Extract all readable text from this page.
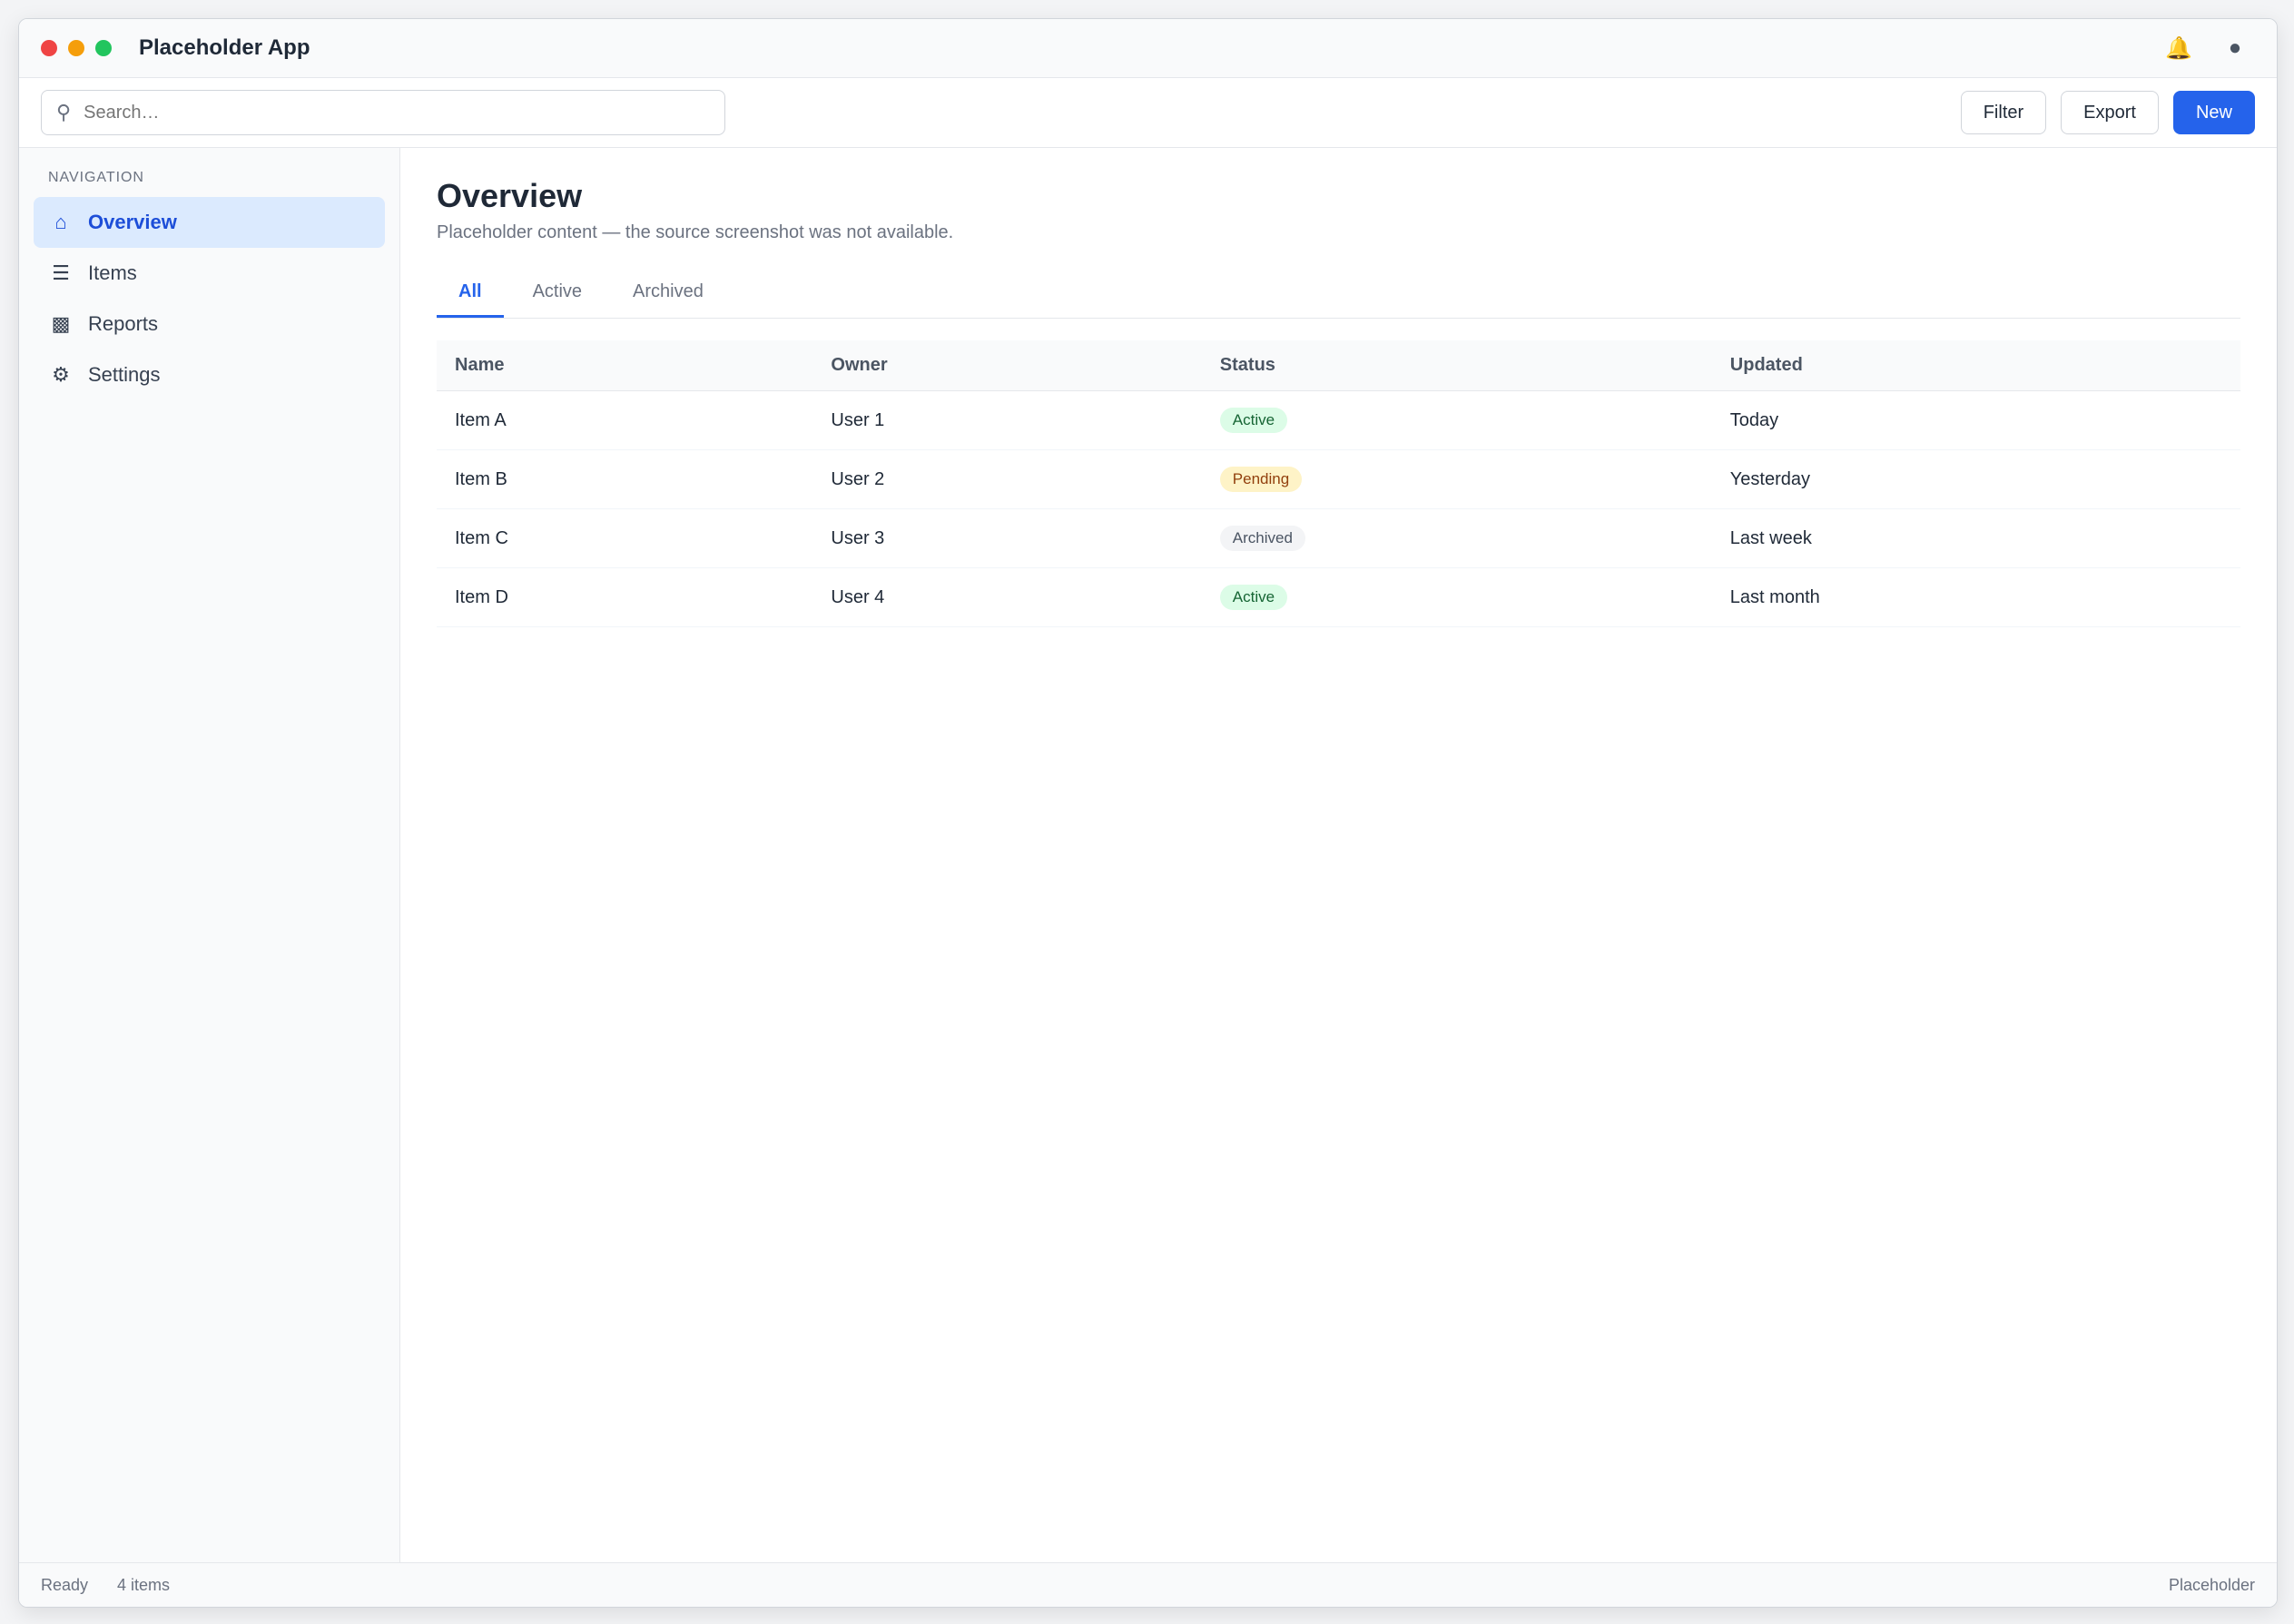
Placeholder App	🔔	●
⚲
Search…	Filter	Export	New
NAVIGATION
⌂	Overview
☰ Items
▩ Reports
⚙ Settings
Overview

Placeholder content — the source screenshot was not available.

All	Active	Archived
Name	Owner	Status	Updated
Item A	User 1	Active	Today
Item B	User 2	Pending	Yesterday
Item C	User 3	Archived	Last week
Item D	User 4	Active	Last month
Ready 4 items	Placeholder
